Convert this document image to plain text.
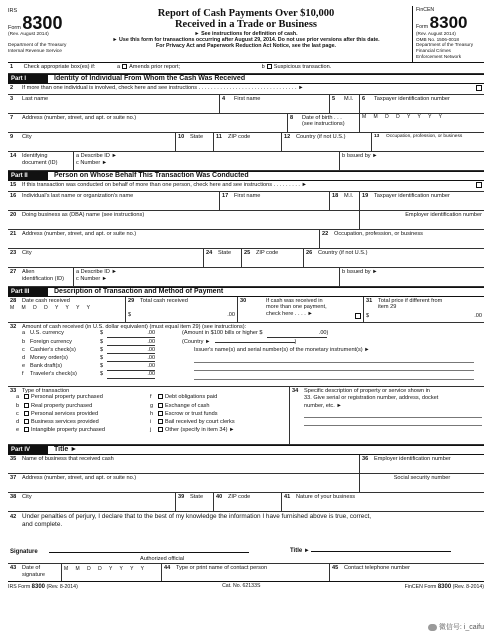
IRS
Form 8300
(Rev. August 2014)
Department of the Treasury
Internal Revenue Service
Report of Cash Payments Over $10,000
Received in a Trade or Business
► See instructions for definition of cash.
► Use this form for transactions occurring after August 29, 2014. Do not use prior versions after this date.
For Privacy Act and Paperwork Reduction Act Notice, see the last page.
FinCEN
Form 8300
(Rev. August 2014)
OMB No. 1506-0018
Department of the Treasury
Financial Crimes
Enforcement Network
1 Check appropriate box(es) if:	a Amends prior report;	b Suspicious transaction.
Part I	Identity of Individual From Whom the Cash Was Received
2 If more than one individual is involved, check here and see instructions . . . . . . . . . . . . . . . . . . . . . . . . . . . . . . . . ►
3 Last name	4 First name	5 M.I.	6 Taxpayer identification number
7 Address (number, street, and apt. or suite no.)	8 Date of birth . . .
(see instructions)
M M D D Y Y Y Y
9 City	10 State	11 ZIP code	12 Country (if not U.S.)	13 Occupation, profession, or business
14 Identifying
document (ID)
a Describe ID ►
c Number ►
b Issued by ►
Part II	Person on Whose Behalf This Transaction Was Conducted
15 If this transaction was conducted on behalf of more than one person, check here and see instructions . . . . . . . . . ►
16 Individual's last name or organization's name	17 First name	18 M.I.	19 Taxpayer identification number
20 Doing business as (DBA) name (see instructions)	Employer identification number
21 Address (number, street, and apt. or suite no.)	22 Occupation, profession, or business
23 City	24 State	25 ZIP code	26 Country (if not U.S.)
27 Alien
identification (ID)
a Describe ID ►
c Number ►
b Issued by ►
Part III	Description of Transaction and Method of Payment
28 Date cash received
M M D D Y Y Y Y
29 Total cash received
$	.00
30	If cash was received in
more than one payment,
check here . . . . ►
31 Total price if different from
item 29
$	.00
32 Amount of cash received (in U.S. dollar equivalent) (must equal item 29) (see instructions):
a U.S. currency	$	.00
b Foreign currency	$	.00
c Cashier's check(s)	$	.00
d Money order(s)	$	.00
e Bank draft(s)	$	.00
f Traveler's check(s)	$	.00
(Amount in $100 bills or higher $	.00)
(Country ►	)
Issuer's name(s) and serial number(s) of the monetary instrument(s) ►
33 Type of transaction
a Personal property purchased
b Real property purchased
c Personal services provided
d Business services provided
e Intangible property purchased
f Debt obligations paid
g Exchange of cash
h Escrow or trust funds
i Bail received by court clerks
j Other (specify in item 34) ►
34 Specific description of property or service shown in
33. Give serial or registration number, address, docket
number, etc. ►
Part IV	Title ►
35 Name of business that received cash	36 Employer identification number
37 Address (number, street, and apt. or suite no.)	Social security number
38 City	39 State	40 ZIP code	41 Nature of your business
42 Under penalties of perjury, I declare that to the best of my knowledge the information I have furnished above is true, correct,
and complete.
Signature
Authorized official
Title ►
43 Date of
signature
M M D D Y Y Y Y	44 Type or print name of contact person	45 Contact telephone number
IRS Form 8300 (Rev. 8-2014)	Cat. No. 62133S	FinCEN Form 8300 (Rev. 8-2014)
微信号: i_caifu
